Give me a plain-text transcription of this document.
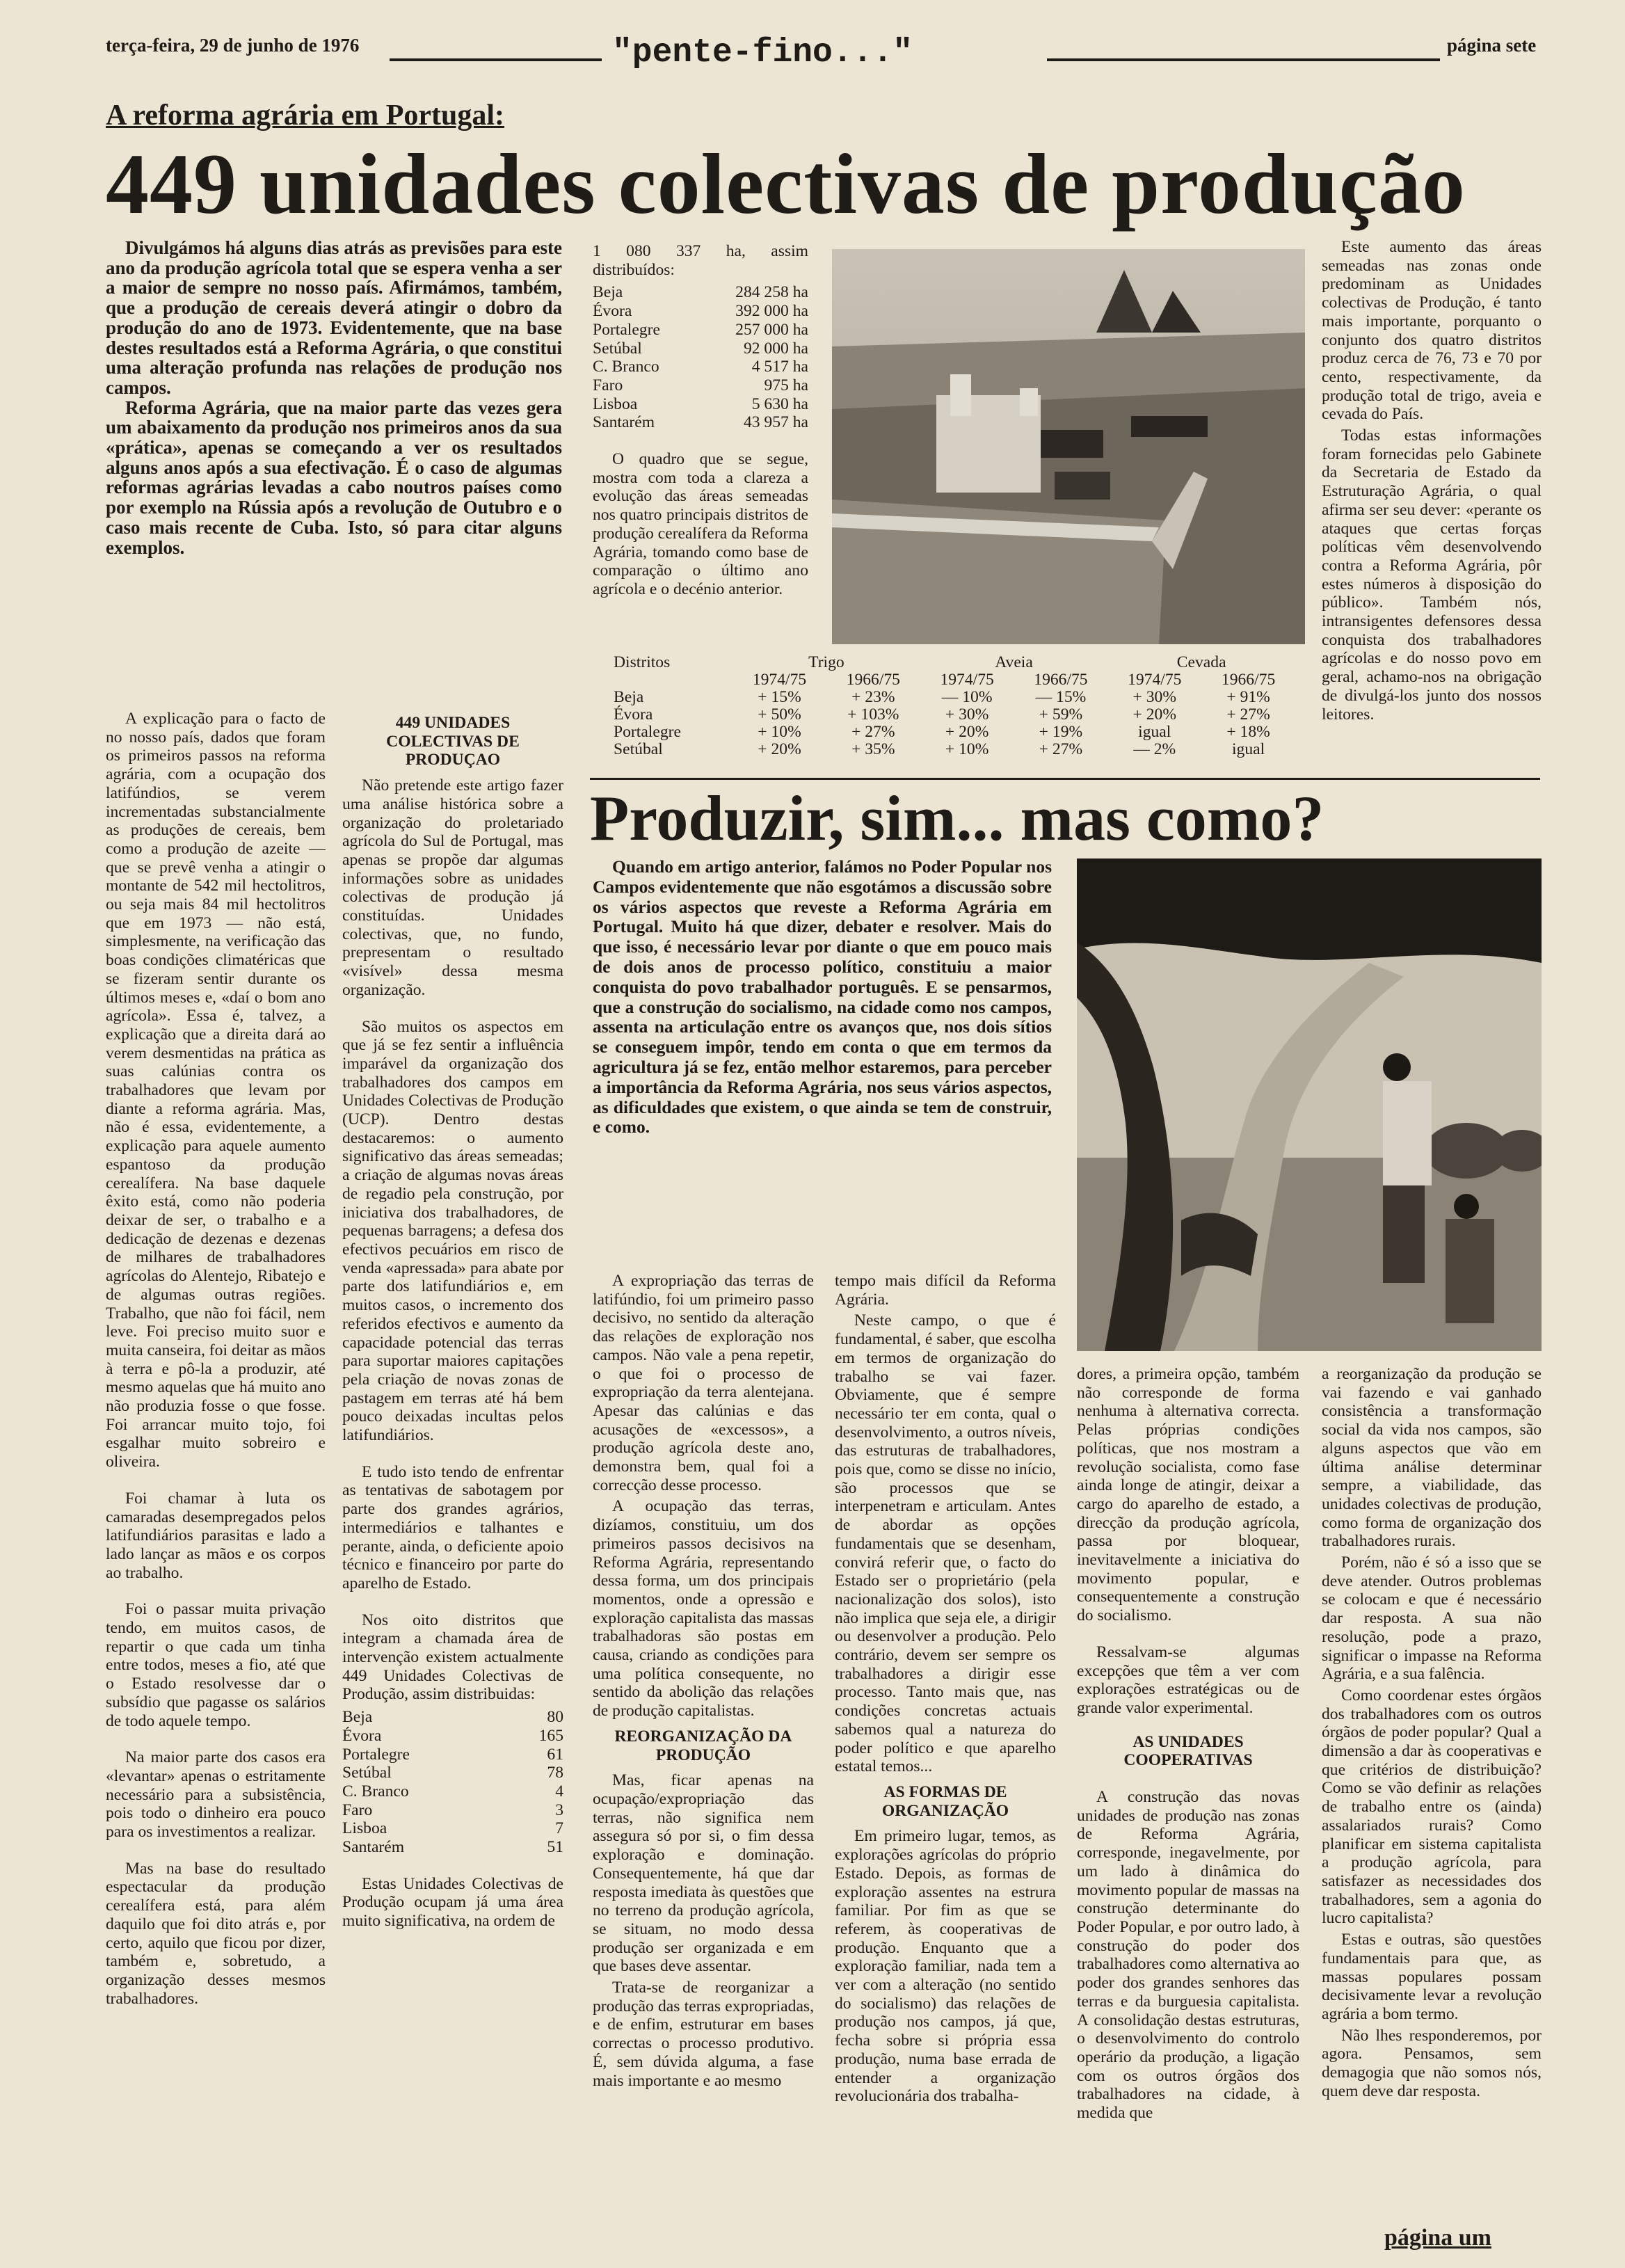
terça-feira, 29 de junho de 1976	"pente-fino..."	página sete
A reforma agrária em Portugal:
449 unidades colectivas de produção

Divulgámos há alguns dias atrás as previsões para este ano da produção agrícola total que se espera venha a ser a maior de sempre no nosso país. Afirmámos, também, que a produção de cereais deverá atingir o dobro da produção do ano de 1973. Evidentemente, que na base destes resultados está a Reforma Agrária, o que constitui uma alteração profunda nas relações de produção nos campos.

Reforma Agrária, que na maior parte das vezes gera um abaixamento da produção nos primeiros anos da sua «prática», apenas se começando a ver os resultados alguns anos após a sua efectivação. É o caso de algumas reformas agrárias levadas a cabo noutros países como por exemplo na Rússia após a revolução de Outubro e o caso mais recente de Cuba. Isto, só para citar alguns exemplos.

A explicação para o facto de no nosso país, dados que foram os primeiros passos na reforma agrária, com a ocupação dos latifúndios, se verem incrementadas substancialmente as produções de cereais, bem como a produção de azeite — que se prevê venha a atingir o montante de 542 mil hectolitros, ou seja mais 84 mil hectolitros que em 1973 — não está, simplesmente, na verificação das boas condições climatéricas que se fizeram sentir durante os últimos meses e, «daí o bom ano agrícola». Essa é, talvez, a explicação que a direita dará ao verem desmentidas na prática as suas calúnias contra os trabalhadores que levam por diante a reforma agrária. Mas, não é essa, evidentemente, a explicação para aquele aumento espantoso da produção cerealífera. Na base daquele êxito está, como não poderia deixar de ser, o trabalho e a dedicação de dezenas e dezenas de milhares de trabalhadores agrícolas do Alentejo, Ribatejo e de algumas outras regiões. Trabalho, que não foi fácil, nem leve. Foi preciso muito suor e muita canseira, foi deitar as mãos à terra e pô-la a produzir, até mesmo aquelas que há muito ano não produzia fosse o que fosse. Foi arrancar muito tojo, foi esgalhar muito sobreiro e oliveira.

Foi chamar à luta os camaradas desempregados pelos latifundiários parasitas e lado a lado lançar as mãos e os corpos ao trabalho.

Foi o passar muita privação tendo, em muitos casos, de repartir o que cada um tinha entre todos, meses a fio, até que o Estado resolvesse dar o subsídio que pagasse os salários de todo aquele tempo.

Na maior parte dos casos era «levantar» apenas o estritamente necessário para a subsistência, pois todo o dinheiro era pouco para os investimentos a realizar.

Mas na base do resultado espectacular da produção cerealífera está, para além daquilo que foi dito atrás e, por certo, aquilo que ficou por dizer, também e, sobretudo, a organização desses mesmos trabalhadores.

449 UNIDADES COLECTIVAS DE PRODUÇAO

Não pretende este artigo fazer uma análise histórica sobre a organização do proletariado agrícola do Sul de Portugal, mas apenas se propõe dar algumas informações sobre as unidades colectivas de produção já constituídas. Unidades colectivas, que, no fundo, prepresentam o resultado «visível» dessa mesma organização.

São muitos os aspectos em que já se fez sentir a influência imparável da organização dos trabalhadores dos campos em Unidades Colectivas de Produção (UCP). Dentro destas destacaremos: o aumento significativo das áreas semeadas; a criação de algumas novas áreas de regadio pela construção, por iniciativa dos trabalhadores, de pequenas barragens; a defesa dos efectivos pecuários em risco de venda «apressada» para abate por parte dos latifundiários e, em muitos casos, o incremento dos referidos efectivos e aumento da capacidade potencial das terras para suportar maiores capitações pela criação de novas zonas de pastagem em terras até há bem pouco deixadas incultas pelos latifundiários.

E tudo isto tendo de enfrentar as tentativas de sabotagem por parte dos grandes agrários, intermediários e talhantes e perante, ainda, o deficiente apoio técnico e financeiro por parte do aparelho de Estado.

Nos oito distritos que integram a chamada área de intervenção existem actualmente 449 Unidades Colectivas de Produção, assim distribuidas:

Beja	80
Évora	165
Portalegre	61
Setúbal	78
C. Branco	4
Faro	3
Lisboa	7
Santarém	51

Estas Unidades Colectivas de Produção ocupam já uma área muito significativa, na ordem de

1 080 337 ha, assim distribuídos:

Beja	284 258 ha
Évora	392 000 ha
Portalegre	257 000 ha
Setúbal	92 000 ha
C. Branco	4 517 ha
Faro	975 ha
Lisboa	5 630 ha
Santarém	43 957 ha

O quadro que se segue, mostra com toda a clareza a evolução das áreas semeadas nos quatro principais distritos de produção cerealífera da Reforma Agrária, tomando como base de comparação o último ano agrícola e o decénio anterior.

Este aumento das áreas semeadas nas zonas onde predominam as Unidades colectivas de Produção, é tanto mais importante, porquanto o conjunto dos quatro distritos produz cerca de 76, 73 e 70 por cento, respectivamente, da produção total de trigo, aveia e cevada do País.

Todas estas informações foram fornecidas pelo Gabinete da Secretaria de Estado da Estruturação Agrária, o qual afirma ser seu dever: «perante os ataques que certas forças políticas vêm desenvolvendo contra a Reforma Agrária, pôr estes números à disposição do público». Também nós, intransigentes defensores dessa conquista dos trabalhadores agrícolas e do nosso povo em geral, achamo-nos na obrigação de divulgá-los junto dos nossos leitores.

Distritos	Trigo		Aveia		Cevada	
	1974/75	1966/75	1974/75	1966/75	1974/75	1966/75
Beja	+ 15%	+ 23%	— 10%	— 15%	+ 30%	+ 91%
Évora	+ 50%	+ 103%	+ 30%	+ 59%	+ 20%	+ 27%
Portalegre	+ 10%	+ 27%	+ 20%	+ 19%	igual	+ 18%
Setúbal	+ 20%	+ 35%	+ 10%	+ 27%	— 2%	igual
Produzir, sim... mas como?

Quando em artigo anterior, falámos no Poder Popular nos Campos evidentemente que não esgotámos a discussão sobre os vários aspectos que reveste a Reforma Agrária em Portugal. Muito há que dizer, debater e resolver. Mais do que isso, é necessário levar por diante o que em pouco mais de dois anos de processo político, constituiu a maior conquista do povo trabalhador português. E se pensarmos, que a construção do socialismo, na cidade como nos campos, assenta na articulação entre os avanços que, nos dois sítios se conseguem impôr, tendo em conta o que em termos da agricultura já se fez, então melhor estaremos, para perceber a importância da Reforma Agrária, nos seus vários aspectos, as dificuldades que existem, o que ainda se tem de construir, e como.

A expropriação das terras de latifúndio, foi um primeiro passo decisivo, no sentido da alteração das relações de exploração nos campos. Não vale a pena repetir, o que foi o processo de expropriação da terra alentejana. Apesar das calúnias e das acusações de «excessos», a produção agrícola deste ano, demonstra bem, qual foi a correcção desse processo.

A ocupação das terras, dizíamos, constituiu, um dos primeiros passos decisivos na Reforma Agrária, representando dessa forma, um dos principais momentos, onde a opressão e exploração capitalista das massas trabalhadoras são postas em causa, criando as condições para uma política consequente, no sentido da abolição das relações de produção capitalistas.

REORGANIZAÇÃO DA PRODUÇÃO

Mas, ficar apenas na ocupação/expropriação das terras, não significa nem assegura só por si, o fim dessa exploração e dominação. Consequentemente, há que dar resposta imediata às questões que no terreno da produção agrícola, se situam, no modo dessa produção ser organizada e em que bases deve assentar.

Trata-se de reorganizar a produção das terras expropriadas, e de enfim, estruturar em bases correctas o processo produtivo. É, sem dúvida alguma, a fase mais importante e ao mesmo

tempo mais difícil da Reforma Agrária.

Neste campo, o que é fundamental, é saber, que escolha em termos de organização do trabalho se vai fazer. Obviamente, que é sempre necessário ter em conta, qual o desenvolvimento, a outros níveis, das estruturas de trabalhadores, pois que, como se disse no início, são processos que se interpenetram e articulam. Antes de abordar as opções fundamentais que se desenham, convirá referir que, o facto do Estado ser o proprietário (pela nacionalização dos solos), isto não implica que seja ele, a dirigir ou desenvolver a produção. Pelo contrário, devem ser sempre os trabalhadores a dirigir esse processo. Tanto mais que, nas condições concretas actuais sabemos qual a natureza do poder político e que aparelho estatal temos...

AS FORMAS DE ORGANIZAÇÃO

Em primeiro lugar, temos, as explorações agrícolas do próprio Estado. Depois, as formas de exploração assentes na estrura familiar. Por fim as que se referem, às cooperativas de produção. Enquanto que a exploração familiar, nada tem a ver com a alteração (no sentido do socialismo) das relações de produção nos campos, já que, fecha sobre si própria essa produção, numa base errada de entender a organização revolucionária dos trabalha-

dores, a primeira opção, também não corresponde de forma nenhuma à alternativa correcta. Pelas próprias condições políticas, que nos mostram a revolução socialista, como fase ainda longe de atingir, deixar a cargo do aparelho de estado, a direcção da produção agrícola, passa por bloquear, inevitavelmente a iniciativa do movimento popular, e consequentemente a construção do socialismo.

Ressalvam-se algumas excepções que têm a ver com explorações estratégicas ou de grande valor experimental.

AS UNIDADES COOPERATIVAS

A construção das novas unidades de produção nas zonas de Reforma Agrária, corresponde, inegavelmente, por um lado à dinâmica do movimento popular de massas na construção determinante do Poder Popular, e por outro lado, à construção do poder dos trabalhadores como alternativa ao poder dos grandes senhores das terras e da burguesia capitalista. A consolidação destas estruturas, o desenvolvimento do controlo operário da produção, a ligação com os outros órgãos dos trabalhadores na cidade, à medida que

a reorganização da produção se vai fazendo e vai ganhado consistência a transformação social da vida nos campos, são alguns aspectos que vão em última análise determinar sempre, a viabilidade, das unidades colectivas de produção, como forma de organização dos trabalhadores rurais.

Porém, não é só a isso que se deve atender. Outros problemas se colocam e que é necessário dar resposta. A sua não resolução, pode a prazo, significar o impasse na Reforma Agrária, e a sua falência.

Como coordenar estes órgãos dos trabalhadores com os outros órgãos de poder popular? Qual a dimensão a dar às cooperativas e que critérios de distribuição? Como se vão definir as relações de trabalho entre os (ainda) assalariados rurais? Como planificar em sistema capitalista a produção agrícola, para satisfazer as necessidades dos trabalhadores, sem a agonia do lucro capitalista?

Estas e outras, são questões fundamentais para que, as massas populares possam decisivamente levar a revolução agrária a bom termo.

Não lhes responderemos, por agora. Pensamos, sem demagogia que não somos nós, quem deve dar resposta.

página um
